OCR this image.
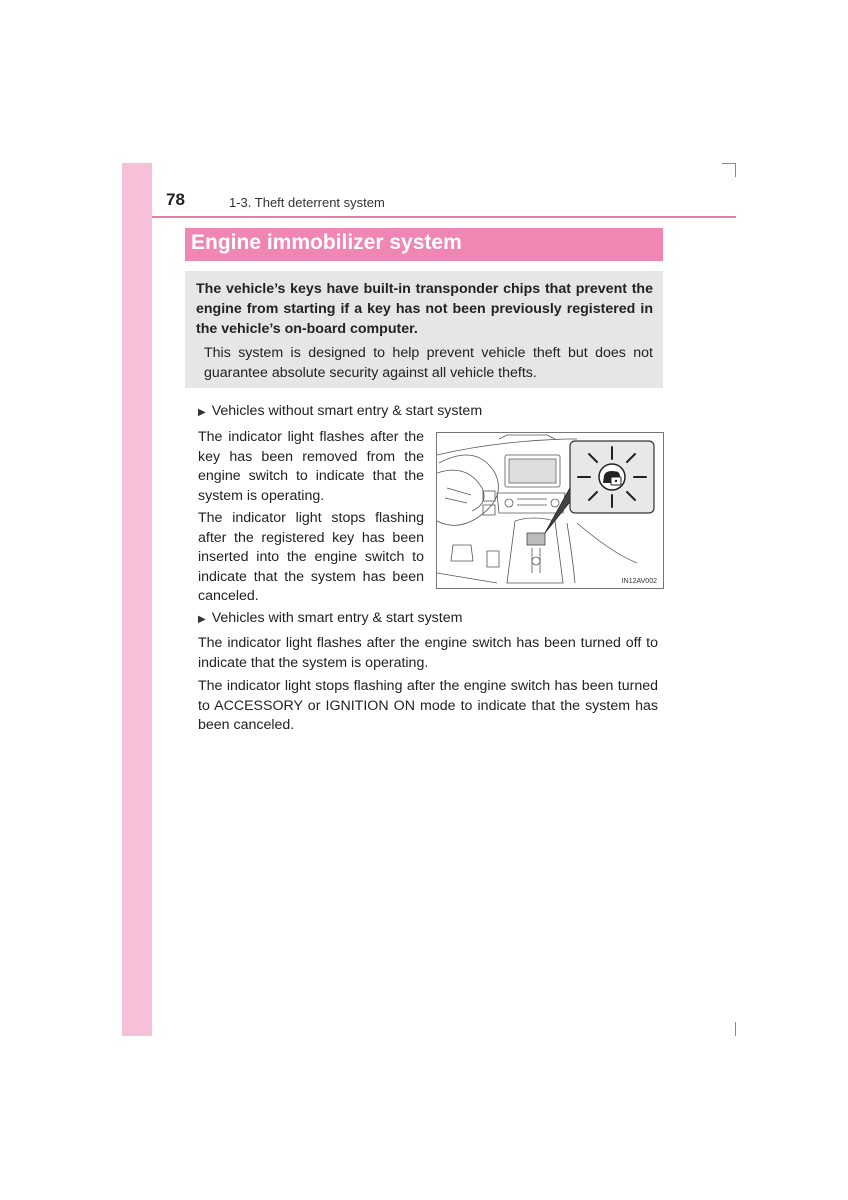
78	1-3. Theft deterrent system
Engine immobilizer system
The vehicle’s keys have built-in transponder chips that prevent the engine from starting if a key has not been previously registered in the vehicle’s on-board computer.
This system is designed to help prevent vehicle theft but does not guarantee absolute security against all vehicle thefts.
▶ Vehicles without smart entry & start system
The indicator light flashes after the key has been removed from the engine switch to indicate that the system is operating.
The indicator light stops flashing after the registered key has been inserted into the engine switch to indicate that the system has been canceled.
IN12AV002
▶ Vehicles with smart entry & start system
The indicator light flashes after the engine switch has been turned off to indicate that the system is operating.
The indicator light stops flashing after the engine switch has been turned to ACCESSORY or IGNITION ON mode to indicate that the system has been canceled.
